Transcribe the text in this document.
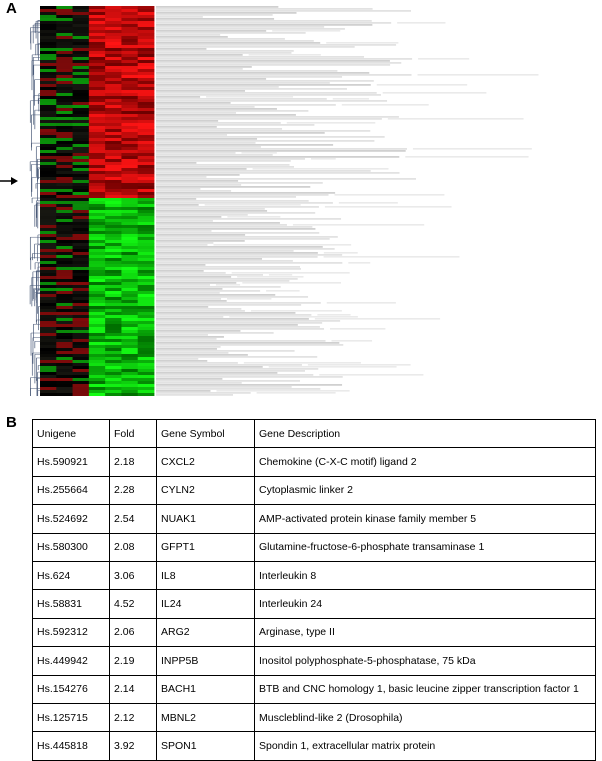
A
B
Unigene	Fold	Gene Symbol	Gene Description
Hs.590921	2.18	CXCL2	Chemokine (C-X-C motif) ligand 2
Hs.255664	2.28	CYLN2	Cytoplasmic linker 2
Hs.524692	2.54	NUAK1	AMP-activated protein kinase family member 5
Hs.580300	2.08	GFPT1	Glutamine-fructose-6-phosphate transaminase 1
Hs.624	3.06	IL8	Interleukin 8
Hs.58831	4.52	IL24	Interleukin 24
Hs.592312	2.06	ARG2	Arginase, type II
Hs.449942	2.19	INPP5B	Inositol polyphosphate-5-phosphatase, 75 kDa
Hs.154276	2.14	BACH1	BTB and CNC homology 1, basic leucine zipper transcription factor 1
Hs.125715	2.12	MBNL2	Muscleblind-like 2 (Drosophila)
Hs.445818	3.92	SPON1	Spondin 1, extracellular matrix protein
